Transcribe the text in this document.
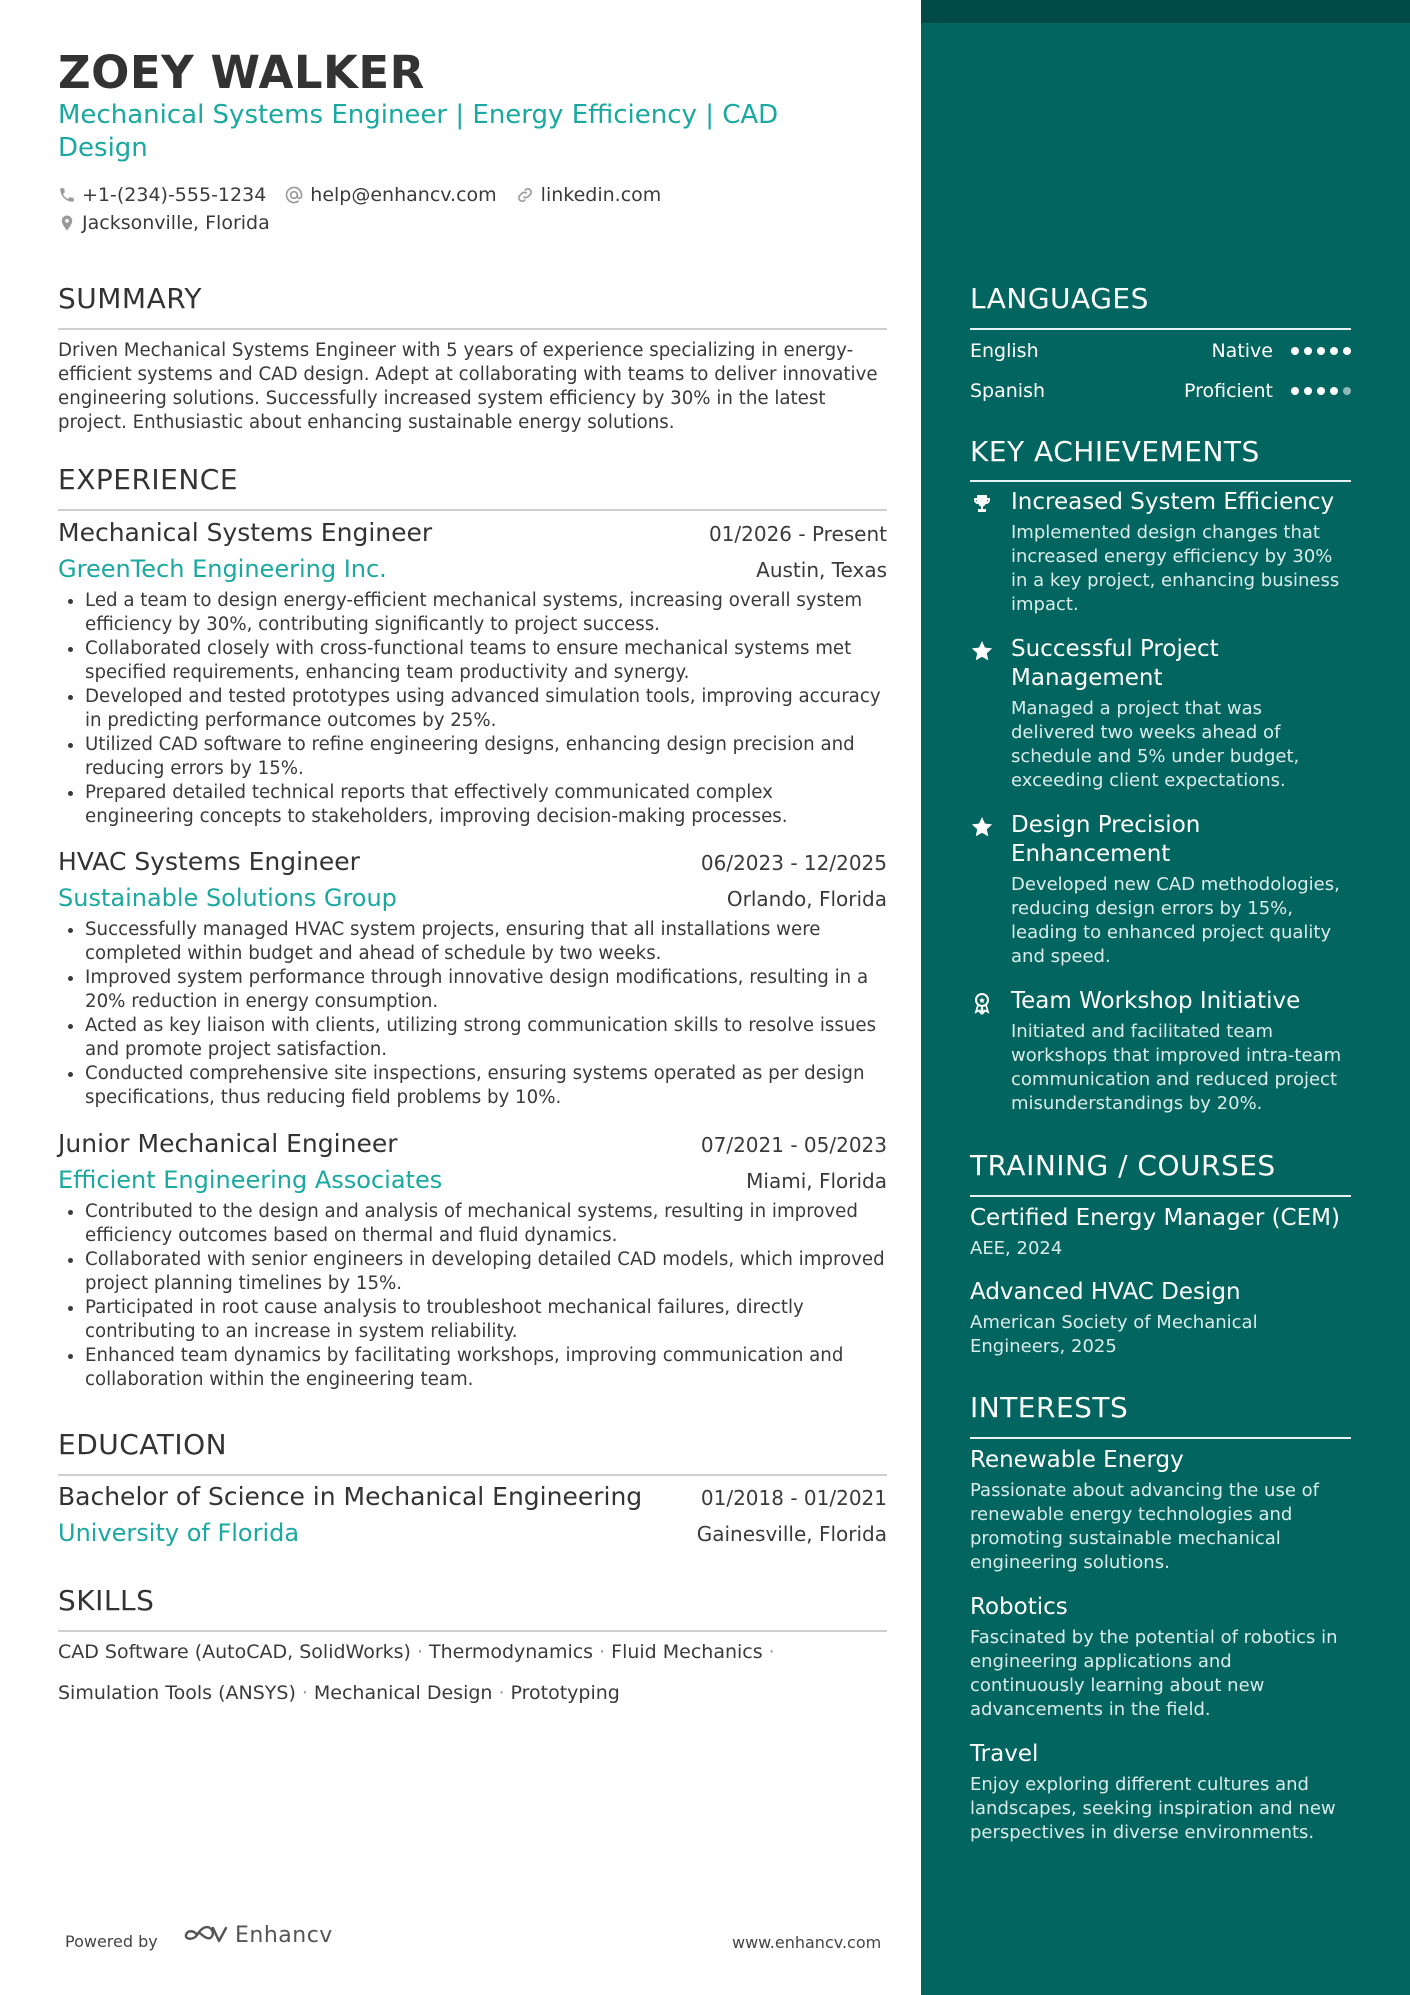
ZOEY WALKER
Mechanical Systems Engineer | Energy Efficiency | CAD Design
+1-(234)-555-1234 help@enhancv.com linkedin.com
Jacksonville, Florida
SUMMARY
Driven Mechanical Systems Engineer with 5 years of experience specializing in energy-efficient systems and CAD design. Adept at collaborating with teams to deliver innovative engineering solutions. Successfully increased system efficiency by 30% in the latest project. Enthusiastic about enhancing sustainable energy solutions.
EXPERIENCE
Mechanical Systems Engineer	01/2026 - Present
GreenTech Engineering Inc.	Austin, Texas
• Led a team to design energy-efficient mechanical systems, increasing overall system efficiency by 30%, contributing significantly to project success.
• Collaborated closely with cross-functional teams to ensure mechanical systems met specified requirements, enhancing team productivity and synergy.
• Developed and tested prototypes using advanced simulation tools, improving accuracy in predicting performance outcomes by 25%.
• Utilized CAD software to refine engineering designs, enhancing design precision and reducing errors by 15%.
• Prepared detailed technical reports that effectively communicated complex engineering concepts to stakeholders, improving decision-making processes.
HVAC Systems Engineer	06/2023 - 12/2025
Sustainable Solutions Group	Orlando, Florida
• Successfully managed HVAC system projects, ensuring that all installations were completed within budget and ahead of schedule by two weeks.
• Improved system performance through innovative design modifications, resulting in a 20% reduction in energy consumption.
• Acted as key liaison with clients, utilizing strong communication skills to resolve issues and promote project satisfaction.
• Conducted comprehensive site inspections, ensuring systems operated as per design specifications, thus reducing field problems by 10%.
Junior Mechanical Engineer	07/2021 - 05/2023
Efficient Engineering Associates	Miami, Florida
• Contributed to the design and analysis of mechanical systems, resulting in improved efficiency outcomes based on thermal and fluid dynamics.
• Collaborated with senior engineers in developing detailed CAD models, which improved project planning timelines by 15%.
• Participated in root cause analysis to troubleshoot mechanical failures, directly contributing to an increase in system reliability.
• Enhanced team dynamics by facilitating workshops, improving communication and collaboration within the engineering team.
EDUCATION
Bachelor of Science in Mechanical Engineering	01/2018 - 01/2021
University of Florida	Gainesville, Florida
SKILLS
CAD Software (AutoCAD, SolidWorks) · Thermodynamics · Fluid Mechanics ·
Simulation Tools (ANSYS) · Mechanical Design · Prototyping
LANGUAGES
English	Native
Spanish	Proficient
KEY ACHIEVEMENTS
Increased System Efficiency
Implemented design changes that increased energy efficiency by 30% in a key project, enhancing business impact.
Successful Project Management
Managed a project that was delivered two weeks ahead of schedule and 5% under budget, exceeding client expectations.
Design Precision Enhancement
Developed new CAD methodologies, reducing design errors by 15%, leading to enhanced project quality and speed.
Team Workshop Initiative
Initiated and facilitated team workshops that improved intra-team communication and reduced project misunderstandings by 20%.
TRAINING / COURSES
Certified Energy Manager (CEM)
AEE, 2024
Advanced HVAC Design
American Society of Mechanical Engineers, 2025
INTERESTS
Renewable Energy
Passionate about advancing the use of renewable energy technologies and promoting sustainable mechanical engineering solutions.
Robotics
Fascinated by the potential of robotics in engineering applications and continuously learning about new advancements in the field.
Travel
Enjoy exploring different cultures and landscapes, seeking inspiration and new perspectives in diverse environments.
Powered by	Enhancv	www.enhancv.com
